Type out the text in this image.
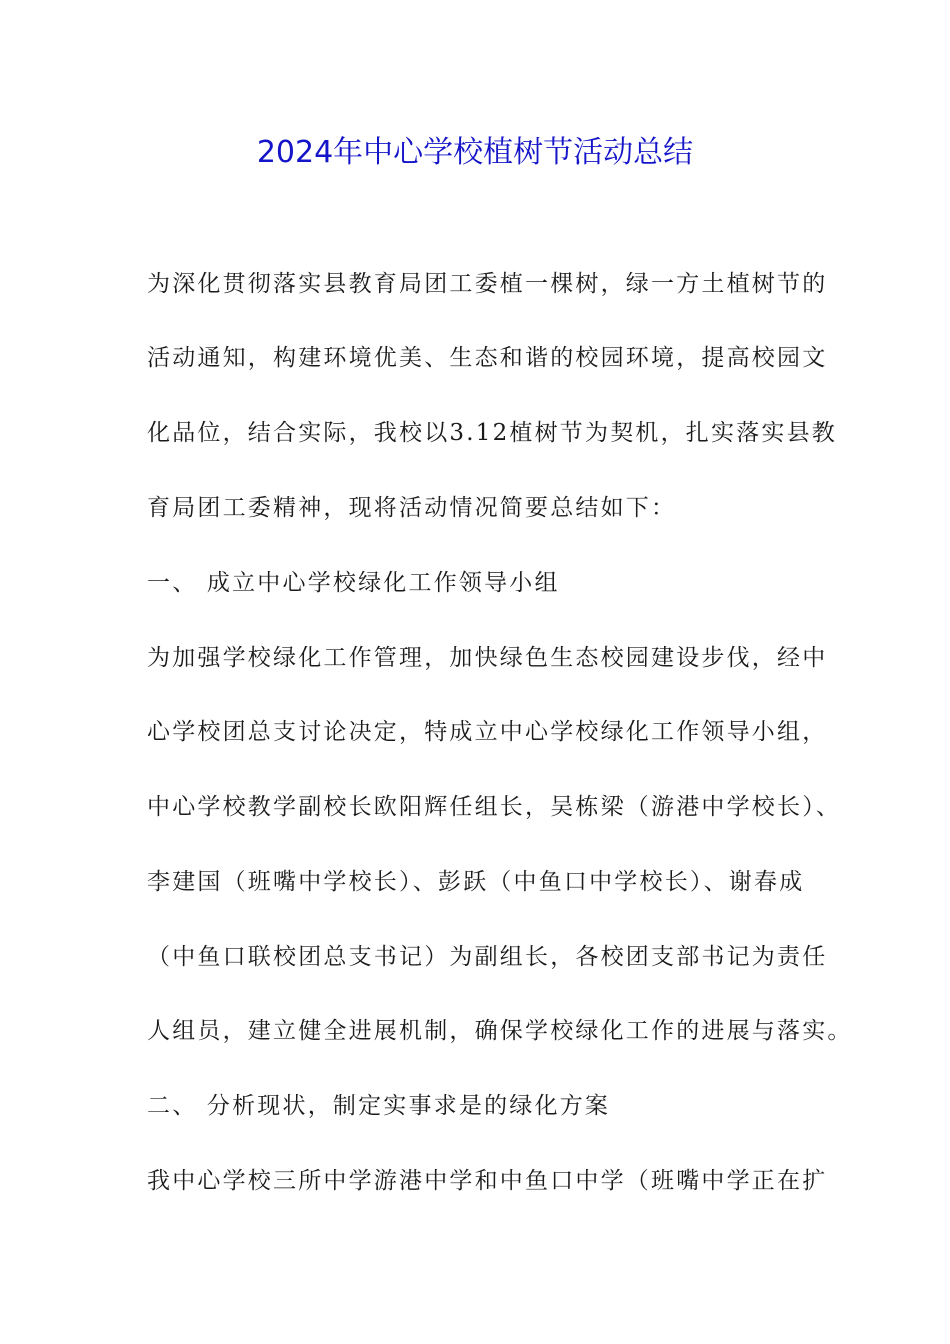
2024年中心学校植树节活动总结
为深化贯彻落实县教育局团工委植一棵树，绿一方土植树节的
活动通知，构建环境优美、生态和谐的校园环境，提高校园文
化品位，结合实际，我校以3.12植树节为契机，扎实落实县教
育局团工委精神，现将活动情况简要总结如下：
一、 成立中心学校绿化工作领导小组
为加强学校绿化工作管理，加快绿色生态校园建设步伐，经中
心学校团总支讨论决定，特成立中心学校绿化工作领导小组，
中心学校教学副校长欧阳辉任组长，吴栋梁（游港中学校长）、
李建国（班嘴中学校长）、彭跃（中鱼口中学校长）、谢春成
（中鱼口联校团总支书记）为副组长，各校团支部书记为责任
人组员，建立健全进展机制，确保学校绿化工作的进展与落实。
二、 分析现状，制定实事求是的绿化方案
我中心学校三所中学游港中学和中鱼口中学（班嘴中学正在扩
